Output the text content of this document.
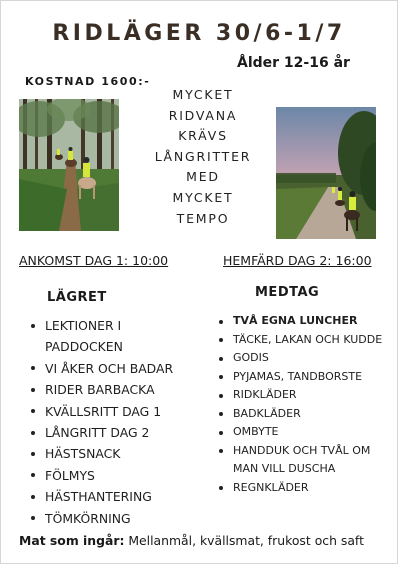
RIDLÄGER 30/6-1/7
Ålder 12-16 år
KOSTNAD 1600:-
MYCKET
RIDVANA
KRÄVS
LÅNGRITTER
MED
MYCKET
TEMPO
ANKOMST DAG 1: 10:00	HEMFÄRD DAG 2: 16:00
LÄGRET
LEKTIONER I PADDOCKEN
VI ÅKER OCH BADAR
RIDER BARBACKA
KVÄLLSRITT DAG 1
LÅNGRITT DAG 2
HÄSTSNACK
FÖLMYS
HÄSTHANTERING
TÖMKÖRNING
MEDTAG
TVÅ EGNA LUNCHER
TÄCKE, LAKAN OCH KUDDE
GODIS
PYJAMAS, TANDBORSTE
RIDKLÄDER
BADKLÄDER
OMBYTE
HANDDUK OCH TVÅL OM MAN VILL DUSCHA
REGNKLÄDER
Mat som ingår: Mellanmål, kvällsmat, frukost och saft
